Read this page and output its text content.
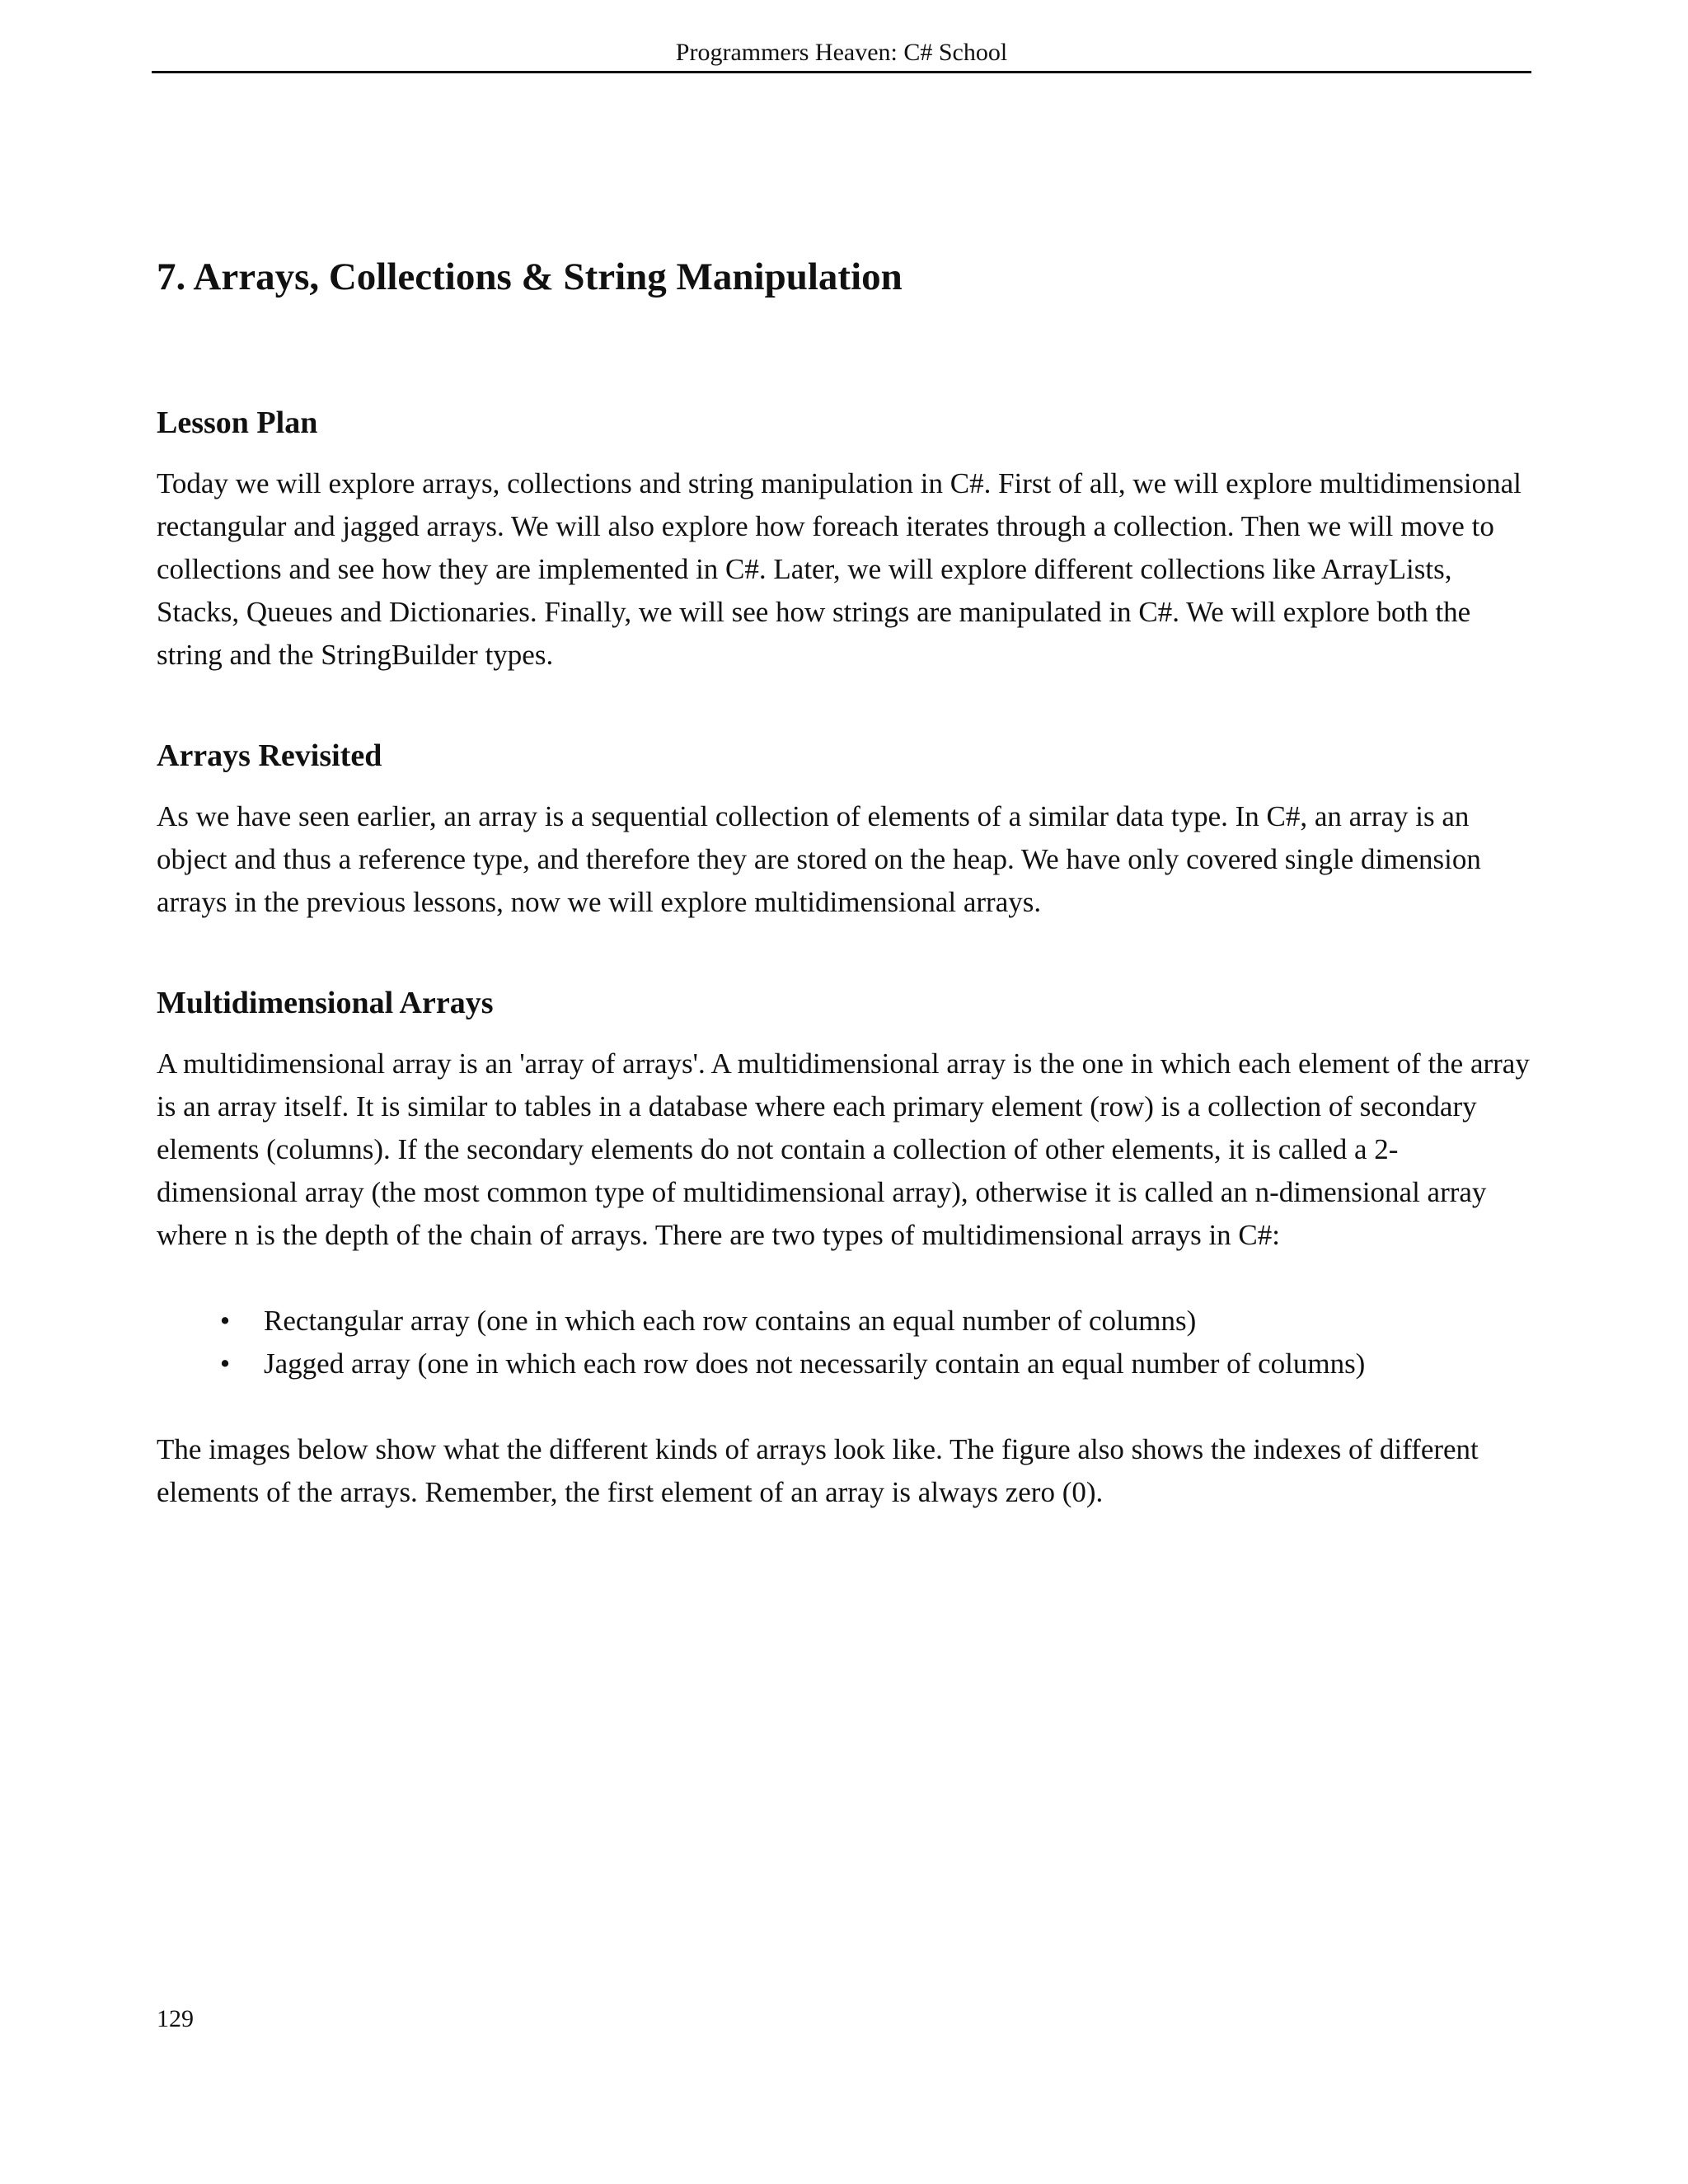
Programmers Heaven: C# School
7. Arrays, Collections & String Manipulation
Lesson Plan

Today we will explore arrays, collections and string manipulation in C#. First of all, we will explore multidimensional rectangular and jagged arrays. We will also explore how foreach iterates through a collection. Then we will move to collections and see how they are implemented in C#. Later, we will explore different collections like ArrayLists, Stacks, Queues and Dictionaries. Finally, we will see how strings are manipulated in C#. We will explore both the string and the StringBuilder types.

Arrays Revisited

As we have seen earlier, an array is a sequential collection of elements of a similar data type. In C#, an array is an object and thus a reference type, and therefore they are stored on the heap. We have only covered single dimension arrays in the previous lessons, now we will explore multidimensional arrays.

Multidimensional Arrays

A multidimensional array is an 'array of arrays'. A multidimensional array is the one in which each element of the array is an array itself. It is similar to tables in a database where each primary element (row) is a collection of secondary elements (columns). If the secondary elements do not contain a collection of other elements, it is called a 2-dimensional array (the most common type of multidimensional array), otherwise it is called an n-dimensional array where n is the depth of the chain of arrays. There are two types of multidimensional arrays in C#:

• Rectangular array (one in which each row contains an equal number of columns)
• Jagged array (one in which each row does not necessarily contain an equal number of columns)

The images below show what the different kinds of arrays look like. The figure also shows the indexes of different elements of the arrays. Remember, the first element of an array is always zero (0).

129
